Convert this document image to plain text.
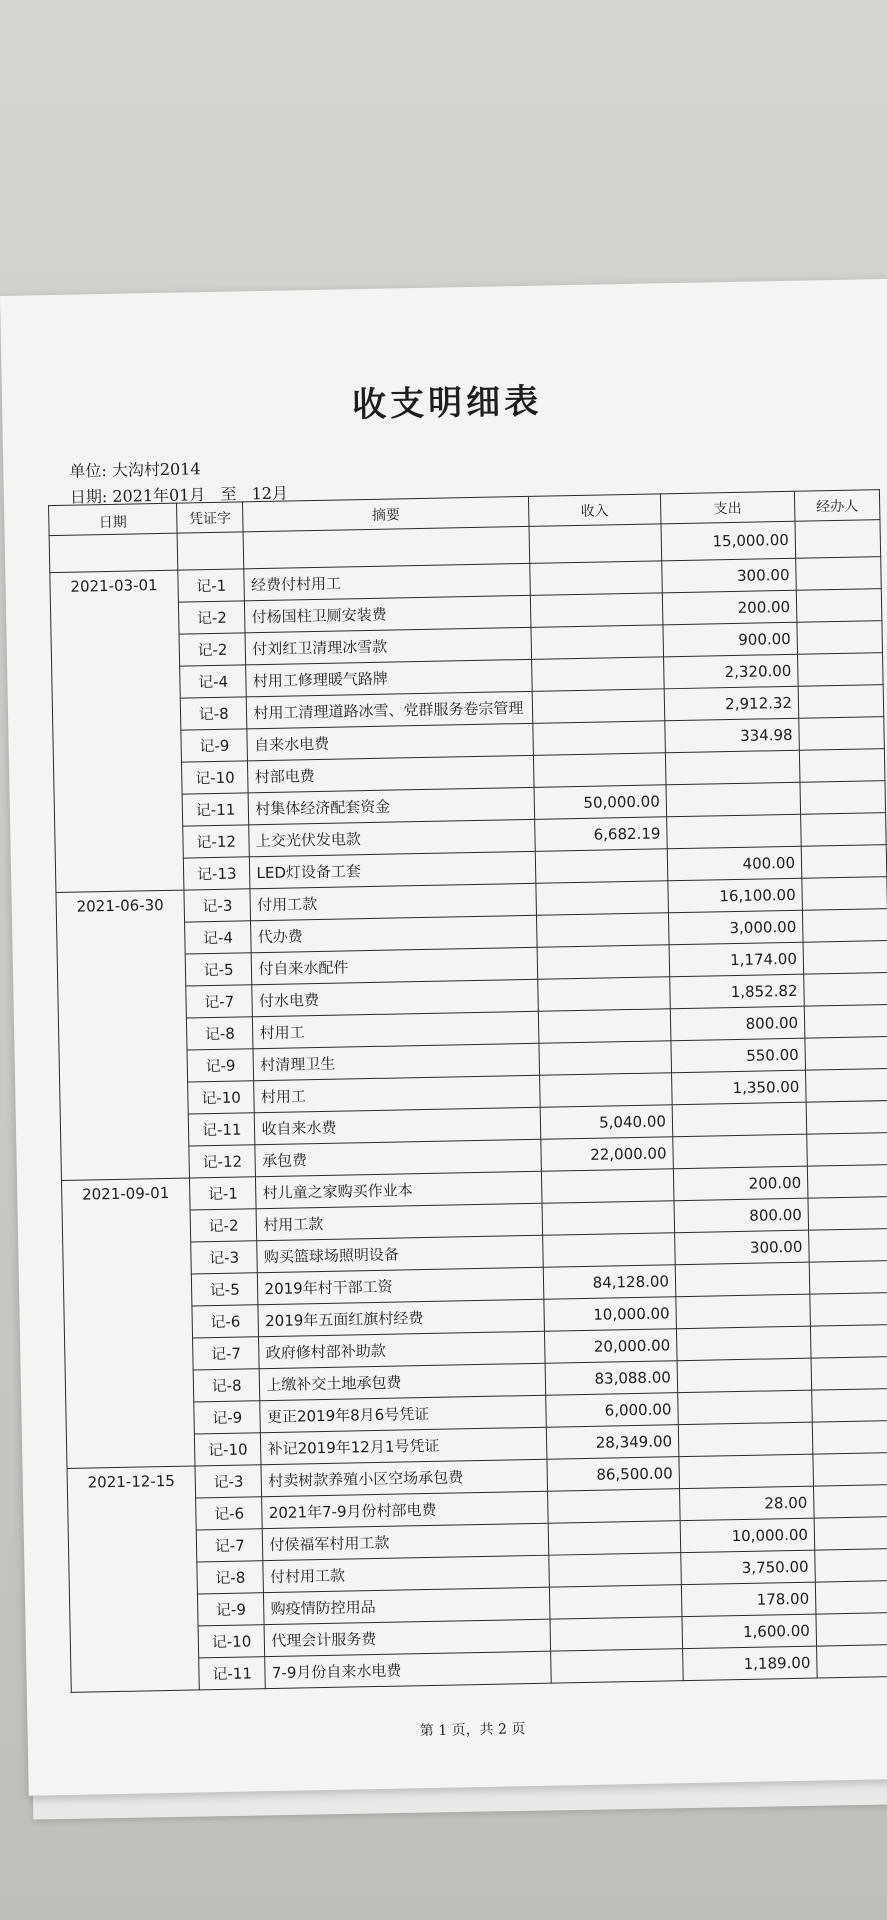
收支明细表
单位: 大沟村2014
日期: 2021年01月 至 12月
日期	凭证字	摘要	收入	支出	经办人
				15,000.00	
2021-03-01	记-1	经费付村用工		300.00	
	记-2	付杨国柱卫厕安装费		200.00	
	记-2	付刘红卫清理冰雪款		900.00	
	记-4	村用工修理暖气路牌		2,320.00	
	记-8	村用工清理道路冰雪、党群服务卷宗管理		2,912.32	
	记-9	自来水电费		334.98	
	记-10	村部电费			
	记-11	村集体经济配套资金	50,000.00		
	记-12	上交光伏发电款	6,682.19		
	记-13	LED灯设备工套		400.00	
2021-06-30	记-3	付用工款		16,100.00	
	记-4	代办费		3,000.00	
	记-5	付自来水配件		1,174.00	
	记-7	付水电费		1,852.82	
	记-8	村用工		800.00	
	记-9	村清理卫生		550.00	
	记-10	村用工		1,350.00	
	记-11	收自来水费	5,040.00		
	记-12	承包费	22,000.00		
2021-09-01	记-1	村儿童之家购买作业本		200.00	
	记-2	村用工款		800.00	
	记-3	购买篮球场照明设备		300.00	
	记-5	2019年村干部工资	84,128.00		
	记-6	2019年五面红旗村经费	10,000.00		
	记-7	政府修村部补助款	20,000.00		
	记-8	上缴补交土地承包费	83,088.00		
	记-9	更正2019年8月6号凭证	6,000.00		
	记-10	补记2019年12月1号凭证	28,349.00		
2021-12-15	记-3	村卖树款养殖小区空场承包费	86,500.00		
	记-6	2021年7-9月份村部电费		28.00	
	记-7	付侯福军村用工款		10,000.00	
	记-8	付村用工款		3,750.00	
	记-9	购疫情防控用品		178.00	
	记-10	代理会计服务费		1,600.00	
	记-11	7-9月份自来水电费		1,189.00	
第 1 页，共 2 页
